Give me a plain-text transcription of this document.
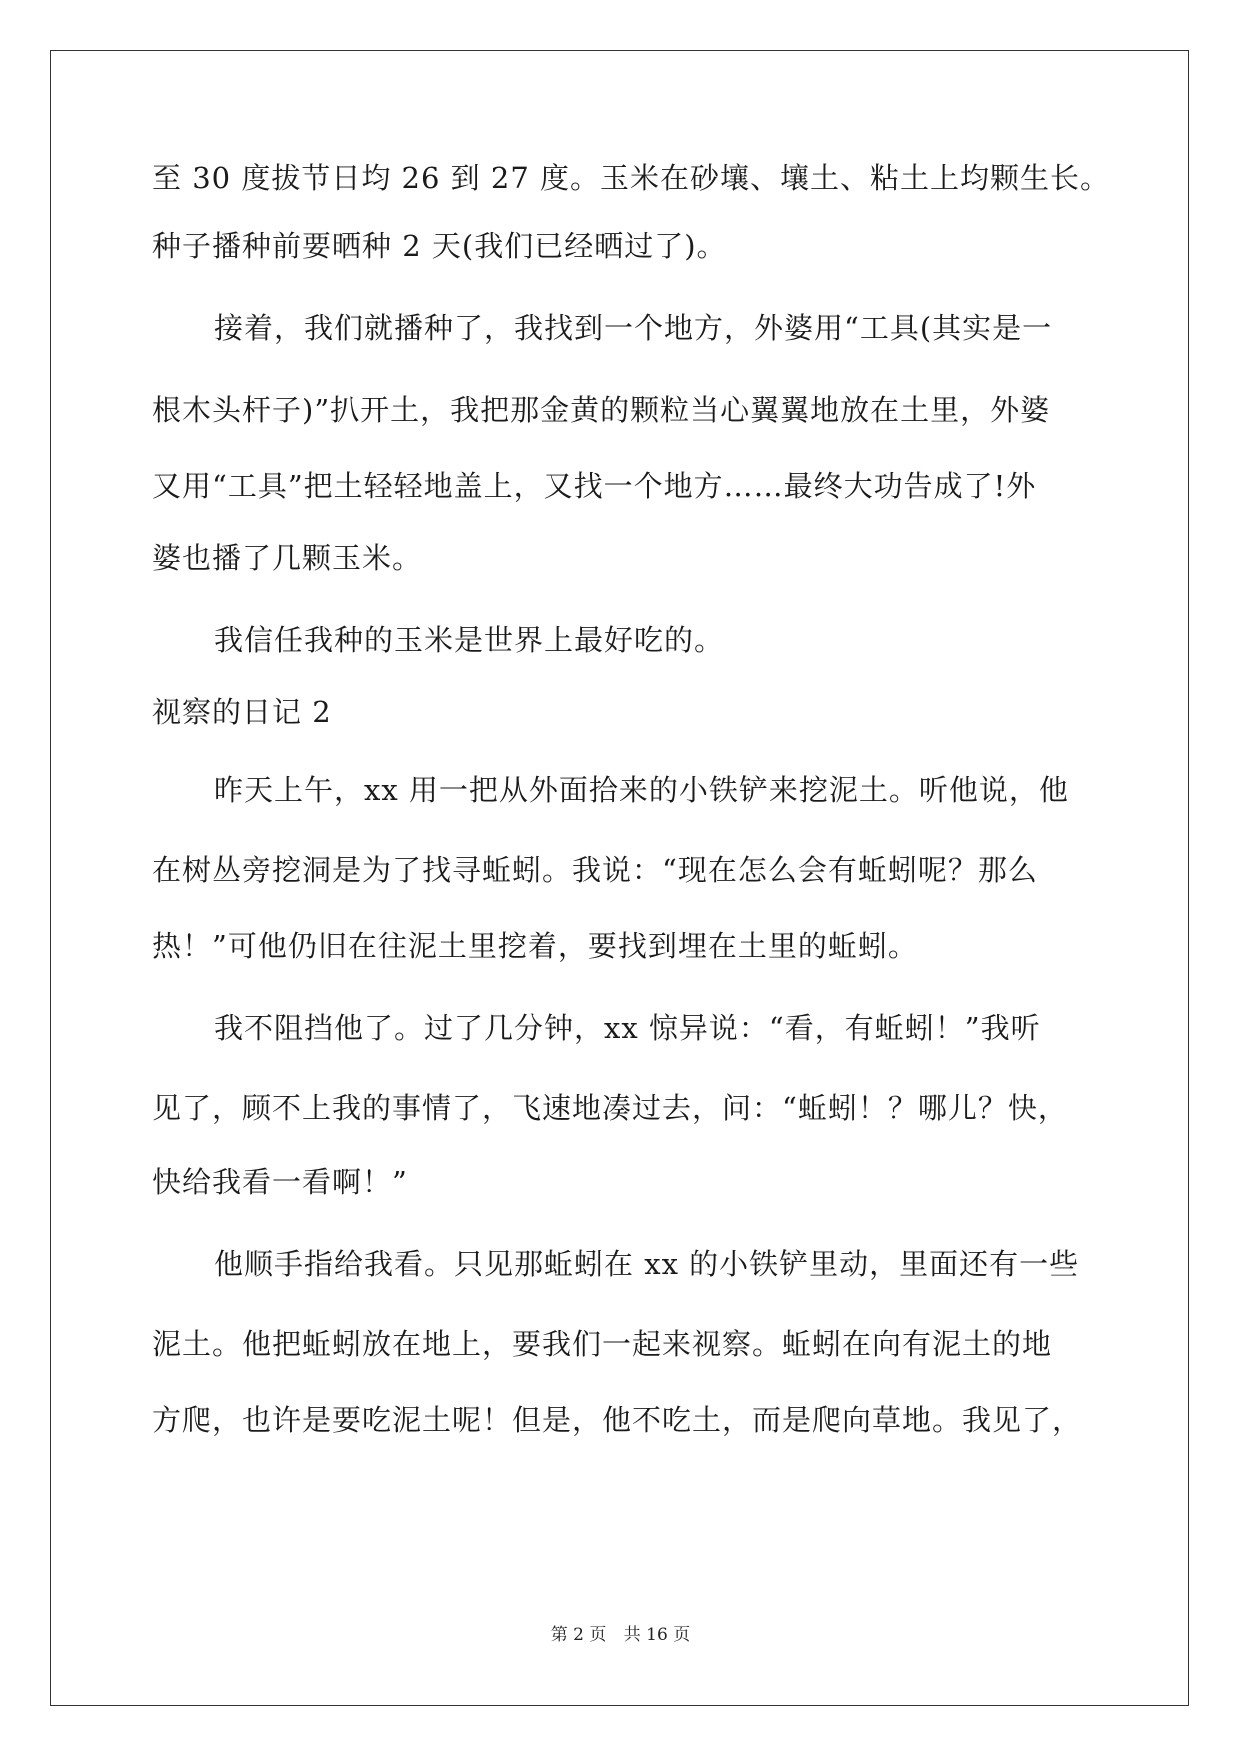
至 30 度拔节日均 26 到 27 度。玉米在砂壤、壤土、粘土上均颗生长。
种子播种前要晒种 2 天(我们已经晒过了)。
接着，我们就播种了，我找到一个地方，外婆用“工具(其实是一
根木头杆子)”扒开土，我把那金黄的颗粒当心翼翼地放在土里，外婆
又用“工具”把土轻轻地盖上，又找一个地方……最终大功告成了!外
婆也播了几颗玉米。
我信任我种的玉米是世界上最好吃的。
视察的日记 2
昨天上午，xx 用一把从外面拾来的小铁铲来挖泥土。听他说，他
在树丛旁挖洞是为了找寻蚯蚓。我说：“现在怎么会有蚯蚓呢？那么
热！”可他仍旧在往泥土里挖着，要找到埋在土里的蚯蚓。
我不阻挡他了。过了几分钟，xx 惊异说：“看，有蚯蚓！”我听
见了，顾不上我的事情了，飞速地凑过去，问：“蚯蚓！？哪儿？快，
快给我看一看啊！”
他顺手指给我看。只见那蚯蚓在 xx 的小铁铲里动，里面还有一些
泥土。他把蚯蚓放在地上，要我们一起来视察。蚯蚓在向有泥土的地
方爬，也许是要吃泥土呢！但是，他不吃土，而是爬向草地。我见了，
第 2 页 共 16 页
